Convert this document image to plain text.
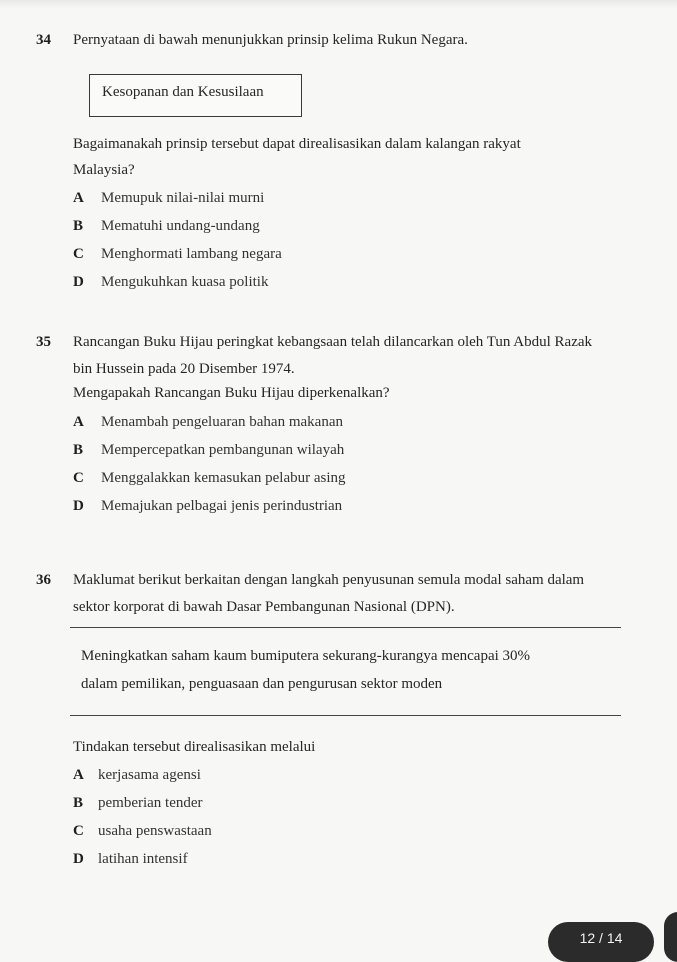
34 Pernyataan di bawah menunjukkan prinsip kelima Rukun Negara.
Kesopanan dan Kesusilaan
Bagaimanakah prinsip tersebut dapat direalisasikan dalam kalangan rakyat
Malaysia?
A Memupuk nilai-nilai murni
B Mematuhi undang-undang
C Menghormati lambang negara
D Mengukuhkan kuasa politik
35 Rancangan Buku Hijau peringkat kebangsaan telah dilancarkan oleh Tun Abdul Razak
bin Hussein pada 20 Disember 1974.
Mengapakah Rancangan Buku Hijau diperkenalkan?
A Menambah pengeluaran bahan makanan
B Mempercepatkan pembangunan wilayah
C Menggalakkan kemasukan pelabur asing
D Memajukan pelbagai jenis perindustrian
36 Maklumat berikut berkaitan dengan langkah penyusunan semula modal saham dalam
sektor korporat di bawah Dasar Pembangunan Nasional (DPN).
Meningkatkan saham kaum bumiputera sekurang-kurangya mencapai 30%
dalam pemilikan, penguasaan dan pengurusan sektor moden
Tindakan tersebut direalisasikan melalui
A kerjasama agensi
B pemberian tender
C usaha penswastaan
D latihan intensif
12 / 14
